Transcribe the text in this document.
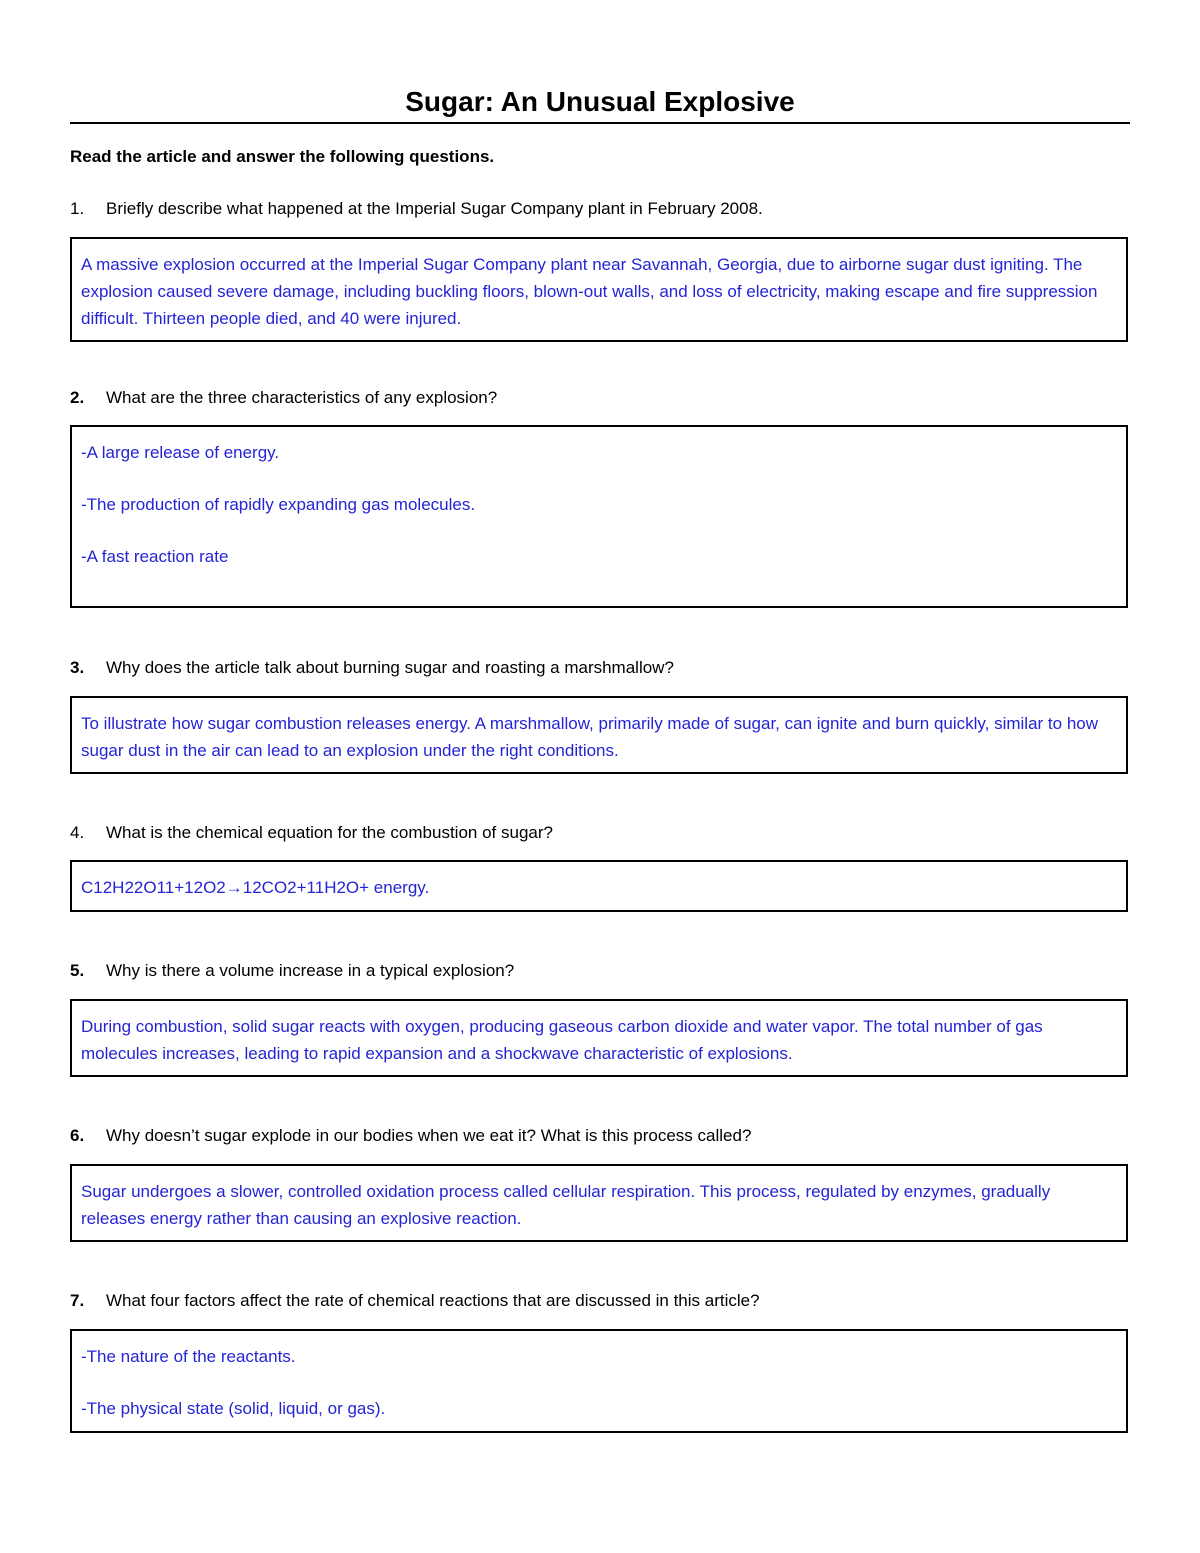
Sugar: An Unusual Explosive
Read the article and answer the following questions.
1. Briefly describe what happened at the Imperial Sugar Company plant in February 2008.

A massive explosion occurred at the Imperial Sugar Company plant near Savannah, Georgia, due to airborne sugar dust igniting. The explosion caused severe damage, including buckling floors, blown-out walls, and loss of electricity, making escape and fire suppression difficult. Thirteen people died, and 40 were injured.

2. What are the three characteristics of any explosion?

-A large release of energy.

-The production of rapidly expanding gas molecules.

-A fast reaction rate

3. Why does the article talk about burning sugar and roasting a marshmallow?

To illustrate how sugar combustion releases energy. A marshmallow, primarily made of sugar, can ignite and burn quickly, similar to how sugar dust in the air can lead to an explosion under the right conditions.

4. What is the chemical equation for the combustion of sugar?

C12H22O11+12O2→12CO2+11H2O+ energy.

5. Why is there a volume increase in a typical explosion?

During combustion, solid sugar reacts with oxygen, producing gaseous carbon dioxide and water vapor. The total number of gas molecules increases, leading to rapid expansion and a shockwave characteristic of explosions.

6. Why doesn’t sugar explode in our bodies when we eat it? What is this process called?

Sugar undergoes a slower, controlled oxidation process called cellular respiration. This process, regulated by enzymes, gradually releases energy rather than causing an explosive reaction.

7. What four factors affect the rate of chemical reactions that are discussed in this article?

-The nature of the reactants.

-The physical state (solid, liquid, or gas).
